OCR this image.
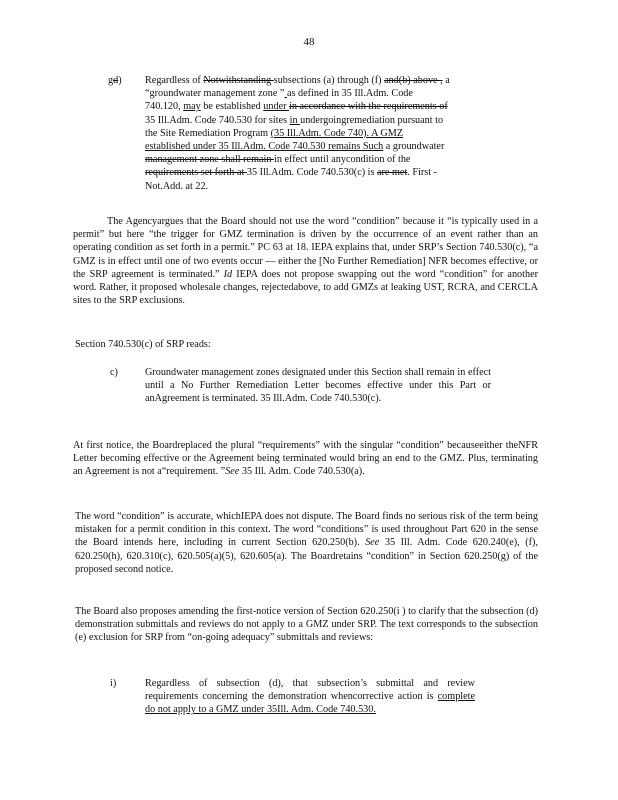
48
gd) Regardless of Notwithstanding subsections (a) through (f) and(b) above , a
“groundwater management zone ” as defined in 35 Ill.Adm. Code
740.120, may be established under in accordance with the requirements of
35 Ill.Adm. Code 740.530 for sites in undergoingremediation pursuant to
the Site Remediation Program (35 Ill.Adm. Code 740). A GMZ
established under 35 Ill.Adm. Code 740.530 remains Such a groundwater
management zone shall remain in effect until anycondition of the
requirements set forth at 35 Ill.Adm. Code 740.530(c) is are met. First -
Not.Add. at 22.

The Agencyargues that the Board should not use the word “condition” because it “is typically used in a permit” but here “the trigger for GMZ termination is driven by the occurrence of an event rather than an operating condition as set forth in a permit.” PC 63 at 18. IEPA explains that, under SRP’s Section 740.530(c), “a GMZ is in effect until one of two events occur — either the [No Further Remediation] NFR becomes effective, or the SRP agreement is terminated.” Id IEPA does not propose swapping out the word “condition” for another word. Rather, it proposed wholesale changes, rejectedabove, to add GMZs at leaking UST, RCRA, and CERCLA sites to the SRP exclusions.

Section 740.530(c) of SRP reads:

c)	Groundwater management zones designated under this Section shall remain in effect until a No Further Remediation Letter becomes effective under this Part or anAgreement is terminated. 35 Ill.Adm. Code 740.530(c).

At first notice, the Boardreplaced the plural “requirements” with the singular “condition” becauseeither theNFR Letter becoming effective or the Agreement being terminated would bring an end to the GMZ. Plus, terminating an Agreement is not a“requirement. ”See 35 Ill. Adm. Code 740.530(a).

The word “condition” is accurate, whichIEPA does not dispute. The Board finds no serious risk of the term being mistaken for a permit condition in this context. The word “conditions” is used throughout Part 620 in the sense the Board intends here, including in current Section 620.250(b). See 35 Ill. Adm. Code 620.240(e), (f), 620.250(h), 620.310(c), 620.505(a)(5), 620.605(a). The Boardretains “condition” in Section 620.250(g) of the proposed second notice.

The Board also proposes amending the first-notice version of Section 620.250(i ) to clarify that the subsection (d) demonstration submittals and reviews do not apply to a GMZ under SRP. The text corresponds to the subsection (e) exclusion for SRP from “on-going adequacy” submittals and reviews:

i)	Regardless of subsection (d), that subsection’s submittal and review requirements concerning the demonstration whencorrective action is complete do not apply to a GMZ under 35Ill. Adm. Code 740.530.
